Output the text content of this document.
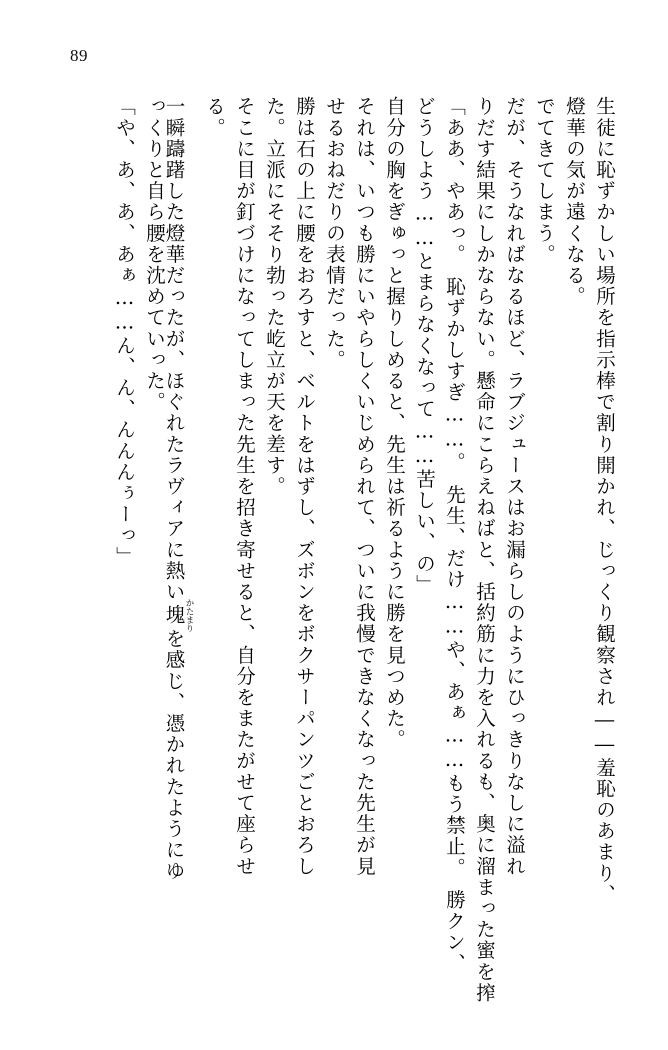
89
生徒に恥ずかしい場所を指示棒で割り開かれ、じっくり観察され――羞恥のあまり、
燈華の気が遠くなる。
でてきてしまう。
だが、そうなればなるほど、ラブジュースはお漏らしのようにひっきりなしに溢れ
りだす結果にしかならない。懸命にこらえねばと、括約筋に力を入れるも、奥に溜まった蜜を搾
「ああ、やあっ。　恥ずかしすぎ……。　先生、だけ……や、あぁ……もう禁止。　勝クン、
どうしよう……とまらなくなって……苦しい、の」
自分の胸をぎゅっと握りしめると、先生は祈るように勝を見つめた。
それは、いつも勝にいやらしくいじめられて、ついに我慢できなくなった先生が見
せるおねだりの表情だった。
勝は石の上に腰をおろすと、ベルトをはずし、ズボンをボクサーパンツごとおろし
た。立派にそそり勃った屹立が天を差す。
そこに目が釘づけになってしまった先生を招き寄せると、自分をまたがせて座らせ
る。
一瞬躊躇した燈華だったが、ほぐれたラヴィアに熱い塊かたまりを感じ、憑かれたようにゆ
っくりと自ら腰を沈めていった。
「や、あ、あ、あぁ……ん、ん、んんんぅーっ」
